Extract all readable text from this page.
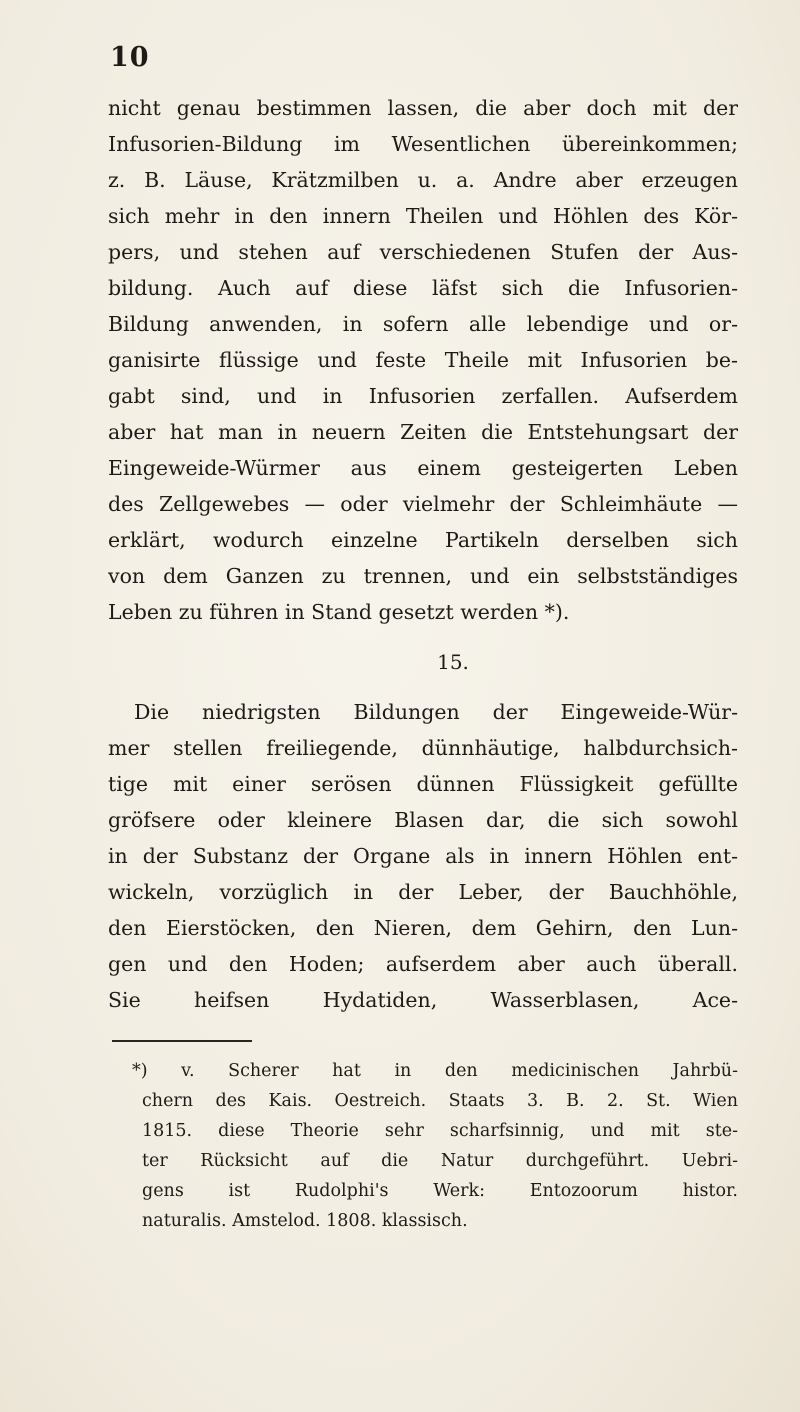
10
nicht genau bestimmen lassen, die aber doch mit der
Infusorien-Bildung im Wesentlichen übereinkommen;
z. B. Läuse, Krätzmilben u. a. Andre aber erzeugen
sich mehr in den innern Theilen und Höhlen des Kör-
pers, und stehen auf verschiedenen Stufen der Aus-
bildung. Auch auf diese läfst sich die Infusorien-
Bildung anwenden, in sofern alle lebendige und or-
ganisirte flüssige und feste Theile mit Infusorien be-
gabt sind, und in Infusorien zerfallen. Aufserdem
aber hat man in neuern Zeiten die Entstehungsart der
Eingeweide-Würmer aus einem gesteigerten Leben
des Zellgewebes — oder vielmehr der Schleimhäute —
erklärt, wodurch einzelne Partikeln derselben sich
von dem Ganzen zu trennen, und ein selbstständiges
Leben zu führen in Stand gesetzt werden *).
15.
Die niedrigsten Bildungen der Eingeweide-Wür-
mer stellen freiliegende, dünnhäutige, halbdurchsich-
tige mit einer serösen dünnen Flüssigkeit gefüllte
gröfsere oder kleinere Blasen dar, die sich sowohl
in der Substanz der Organe als in innern Höhlen ent-
wickeln, vorzüglich in der Leber, der Bauchhöhle,
den Eierstöcken, den Nieren, dem Gehirn, den Lun-
gen und den Hoden; aufserdem aber auch überall.
Sie heifsen Hydatiden, Wasserblasen, Ace-
*) v. Scherer hat in den medicinischen Jahrbü-
chern des Kais. Oestreich. Staats 3. B. 2. St. Wien
1815. diese Theorie sehr scharfsinnig, und mit ste-
ter Rücksicht auf die Natur durchgeführt. Uebri-
gens ist Rudolphi's Werk: Entozoorum histor.
naturalis. Amstelod. 1808. klassisch.
